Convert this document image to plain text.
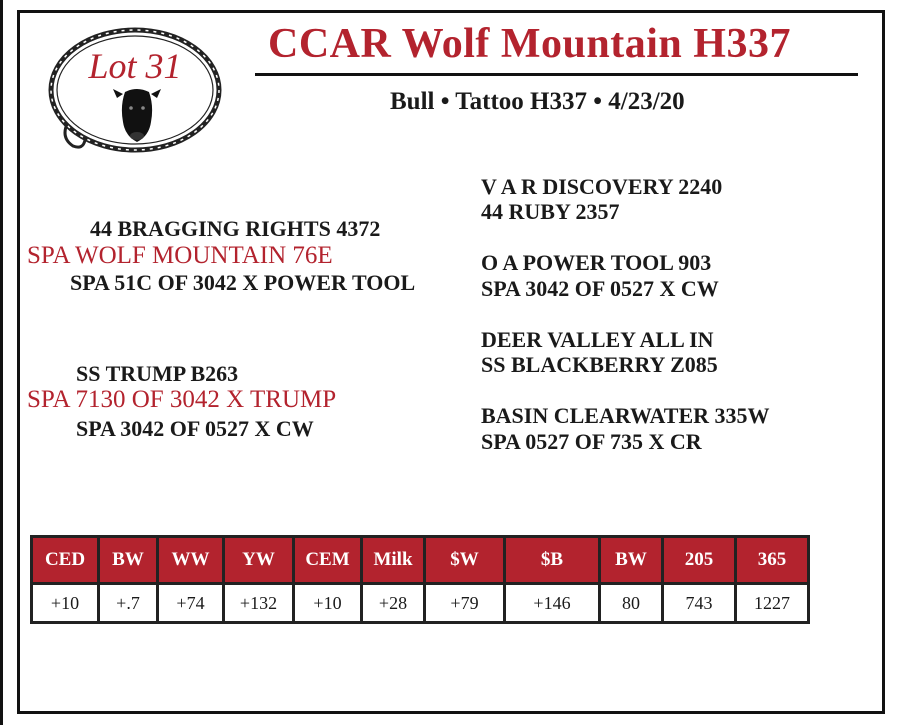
Lot 31	CCAR Wolf Mountain H337
Bull • Tattoo H337 • 4/23/20
44 BRAGGING RIGHTS 4372
SPA WOLF MOUNTAIN 76E
SPA 51C OF 3042 X POWER TOOL
SS TRUMP B263
SPA 7130 OF 3042 X TRUMP
SPA 3042 OF 0527 X CW
V A R DISCOVERY 2240
44 RUBY 2357
O A POWER TOOL 903
SPA 3042 OF 0527 X CW
DEER VALLEY ALL IN
SS BLACKBERRY Z085
BASIN CLEARWATER 335W
SPA 0527 OF 735 X CR
CED	BW	WW	YW	CEM	Milk	$W	$B	BW	205	365
+10	+.7	+74	+132	+10	+28	+79	+146	80	743	1227
